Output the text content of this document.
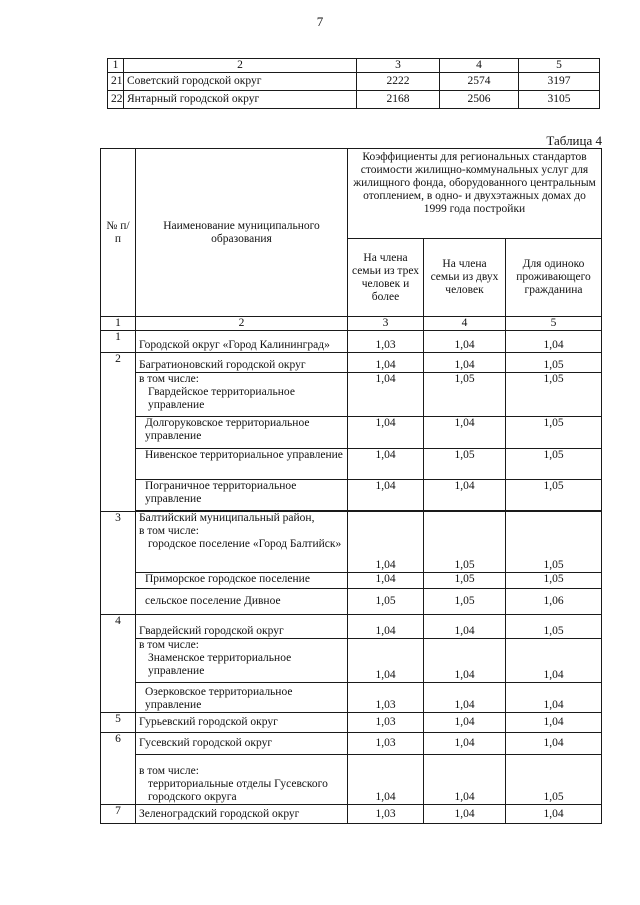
7
1	2	3	4	5
21	Советский городской округ	2222	2574	3197
22	Янтарный городской округ	2168	2506	3105
Таблица 4
№ п/п	Наименование муниципального образования	Коэффициенты для региональных стандартов стоимости жилищно-коммунальных услуг для жилищного фонда, оборудованного центральным отоплением, в одно- и двухэтажных домах до 1999 года постройки		
		На члена семьи из трех человек и более	На члена семьи из двух человек	Для одиноко проживающего гражданина
1	2	3	4	5
1	Городской округ «Город Калининград»	1,03	1,04	1,04
2	Багратионовский городской округ	1,04	1,04	1,05

	в том числе:
Гвардейское территориальное управление	1,04	1,05	1,05
	Долгоруковское территориальное управление	1,04	1,04	1,05
	Нивенское территориальное управление	1,04	1,05	1,05
	Пограничное территориальное управление	1,04	1,04	1,05

3	Балтийский муниципальный район,
в том числе:
городское поселение «Город Балтийск»	1,04	1,05	1,05
	Приморское городское поселение	1,04	1,05	1,05
	сельское поселение Дивное	1,05	1,05	1,06
4	Гвардейский городской округ	1,04	1,04	1,05

	в том числе:
Знаменское территориальное управление	1,04	1,04	1,04
	Озерковское территориальное управление	1,03	1,04	1,04
5	Гурьевский городской округ	1,03	1,04	1,04
6	Гусевский городской округ	1,03	1,04	1,04

	в том числе:
территориальные отделы Гусевского городского округа	1,04	1,04	1,05
7	Зеленоградский городской округ	1,03	1,04	1,04
